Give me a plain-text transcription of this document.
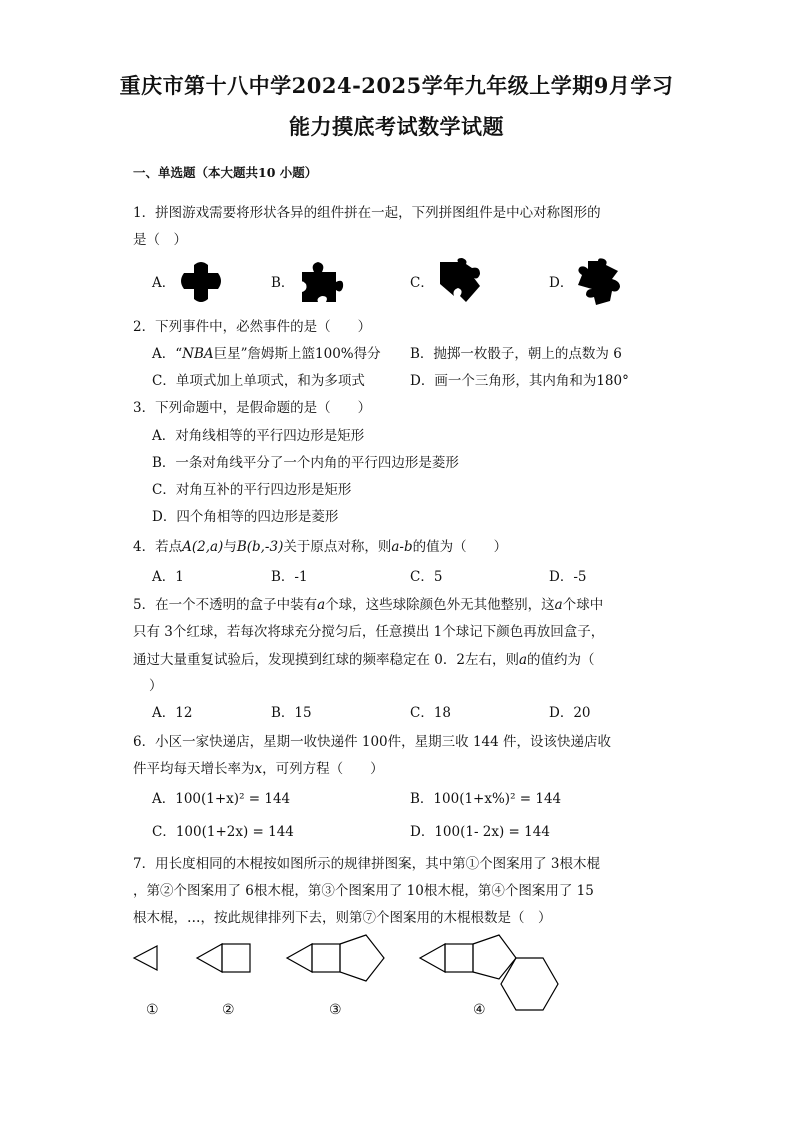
重庆市第十八中学2024-2025学年九年级上学期9月学习
能力摸底考试数学试题
一、单选题（本大题共10 小题）
1．拼图游戏需要将形状各异的组件拼在一起，下列拼图组件是中心对称图形的
是（　）
A．	B．	C．	D．
2．下列事件中，必然事件的是（　　）
A．“NBA巨星”詹姆斯上篮100%得分 B．抛掷一枚骰子，朝上的点数为 6
C．单项式加上单项式，和为多项式	D．画一个三角形，其内角和为180°
3．下列命题中，是假命题的是（　　）
A．对角线相等的平行四边形是矩形
B．一条对角线平分了一个内角的平行四边形是菱形
C．对角互补的平行四边形是矩形
D．四个角相等的四边形是菱形
4．若点A(2,a)与B(b,-3)关于原点对称，则a-b的值为（　　）
A．1	B．-1	C．5	D．-5
5．在一个不透明的盒子中装有a个球，这些球除颜色外无其他整别，这a个球中
只有 3个红球，若每次将球充分搅匀后，任意摸出 1个球记下颜色再放回盒子，
通过大量重复试验后，发现摸到红球的频率稳定在 0．2左右，则a的值约为（
）
A．12	B．15	C．18	D．20
6．小区一家快递店，星期一收快递件 100件，星期三收 144 件，设该快递店收
件平均每天增长率为x，可列方程（　　）
A．100(1+x)² = 144	B．100(1+x%)² = 144
C．100(1+2x) = 144	D．100(1- 2x) = 144
7．用长度相同的木棍按如图所示的规律拼图案，其中第①个图案用了 3根木棍
，第②个图案用了 6根木棍，第③个图案用了 10根木棍，第④个图案用了 15
根木棍，…，按此规律排列下去，则第⑦个图案用的木棍根数是（　）
①	②	③	④
